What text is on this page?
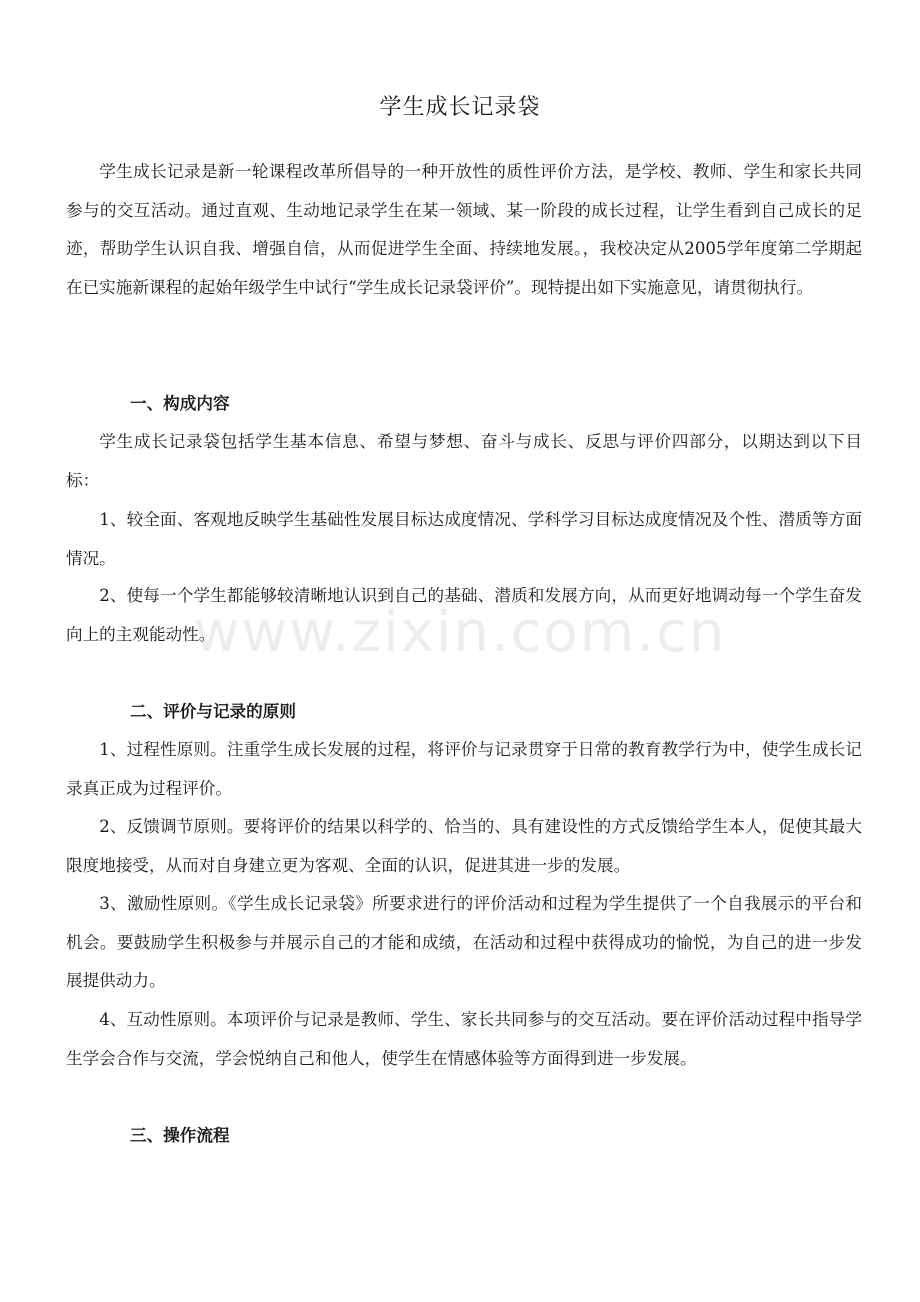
学生成长记录袋

学生成长记录是新一轮课程改革所倡导的一种开放性的质性评价方法，是学校、教师、学生和家长共同参与的交互活动。通过直观、生动地记录学生在某一领域、某一阶段的成长过程，让学生看到自己成长的足迹，帮助学生认识自我、增强自信，从而促进学生全面、持续地发展。，我校决定从2005学年度第二学期起在已实施新课程的起始年级学生中试行“学生成长记录袋评价”。现特提出如下实施意见，请贯彻执行。

一、构成内容

学生成长记录袋包括学生基本信息、希望与梦想、奋斗与成长、反思与评价四部分，以期达到以下目标：

1、较全面、客观地反映学生基础性发展目标达成度情况、学科学习目标达成度情况及个性、潜质等方面情况。

2、使每一个学生都能够较清晰地认识到自己的基础、潜质和发展方向，从而更好地调动每一个学生奋发向上的主观能动性。

二、评价与记录的原则

1、过程性原则。注重学生成长发展的过程，将评价与记录贯穿于日常的教育教学行为中，使学生成长记录真正成为过程评价。

2、反馈调节原则。要将评价的结果以科学的、恰当的、具有建设性的方式反馈给学生本人，促使其最大限度地接受，从而对自身建立更为客观、全面的认识，促进其进一步的发展。

3、激励性原则。《学生成长记录袋》所要求进行的评价活动和过程为学生提供了一个自我展示的平台和机会。要鼓励学生积极参与并展示自己的才能和成绩，在活动和过程中获得成功的愉悦，为自己的进一步发展提供动力。

4、互动性原则。本项评价与记录是教师、学生、家长共同参与的交互活动。要在评价活动过程中指导学生学会合作与交流，学会悦纳自己和他人，使学生在情感体验等方面得到进一步发展。

三、操作流程

www.zixin.com.cn
